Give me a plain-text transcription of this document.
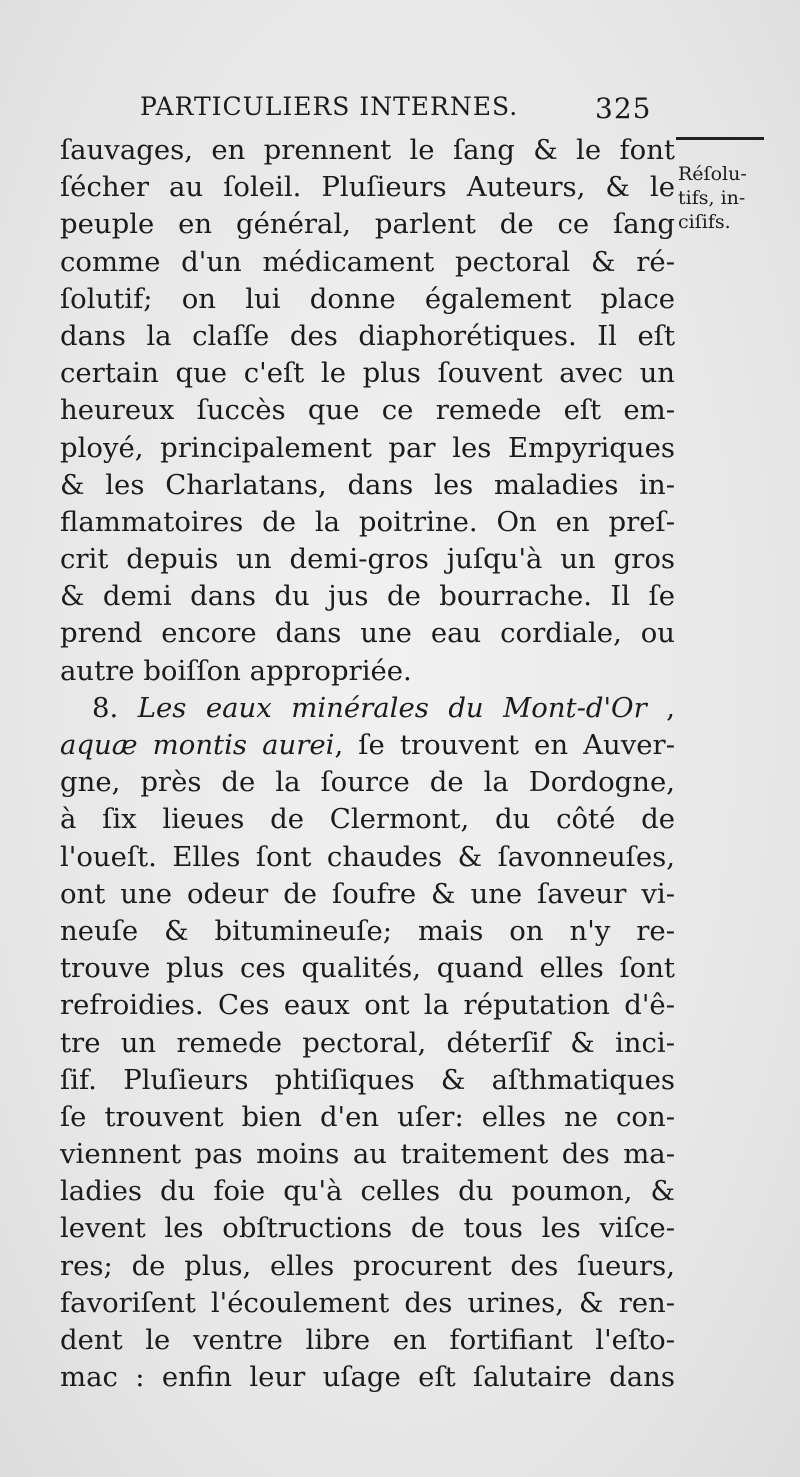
PARTICULIERS INTERNES.	325
Réſolu-
tifs, in-
ciſifs.
ſauvages, en prennent le ſang & le font
ſécher au ſoleil. Pluſieurs Auteurs, & le
peuple en général, parlent de ce ſang
comme d'un médicament pectoral & ré-
ſolutif; on lui donne également place
dans la claſſe des diaphorétiques. Il eſt
certain que c'eſt le plus ſouvent avec un
heureux ſuccès que ce remede eſt em-
ployé, principalement par les Empyriques
& les Charlatans, dans les maladies in-
flammatoires de la poitrine. On en preſ-
crit depuis un demi-gros juſqu'à un gros
& demi dans du jus de bourrache. Il ſe
prend encore dans une eau cordiale, ou
autre boiſſon appropriée.
8. Les eaux minérales du Mont-d'Or ,
aquæ montis aurei, ſe trouvent en Auver-
gne, près de la ſource de la Dordogne,
à ſix lieues de Clermont, du côté de
l'oueſt. Elles ſont chaudes & ſavonneuſes,
ont une odeur de ſoufre & une ſaveur vi-
neuſe & bitumineuſe; mais on n'y re-
trouve plus ces qualités, quand elles ſont
refroidies. Ces eaux ont la réputation d'ê-
tre un remede pectoral, déterſif & inci-
ſif. Pluſieurs phtiſiques & aſthmatiques
ſe trouvent bien d'en uſer: elles ne con-
viennent pas moins au traitement des ma-
ladies du foie qu'à celles du poumon, &
levent les obſtructions de tous les viſce-
res; de plus, elles procurent des ſueurs,
favoriſent l'écoulement des urines, & ren-
dent le ventre libre en fortifiant l'eſto-
mac : enfin leur uſage eſt ſalutaire dans
